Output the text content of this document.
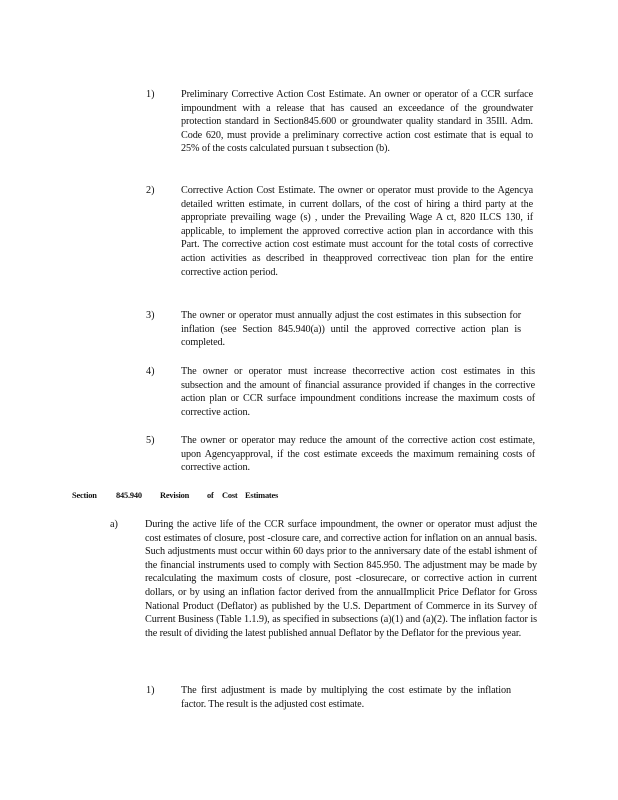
1)	Preliminary Corrective Action Cost Estimate. An owner or operator of a CCR surface impoundment with a release that has caused an exceedance of the groundwater protection standard in Section845.600 or groundwater quality standard in 35Ill. Adm. Code 620, must provide a preliminary corrective action cost estimate that is equal to 25% of the costs calculated pursuan t subsection (b).
2)	Corrective Action Cost Estimate. The owner or operator must provide to the Agencya detailed written estimate, in current dollars, of the cost of hiring a third party at the appropriate prevailing wage (s) , under the Prevailing Wage A ct, 820 ILCS 130, if applicable, to implement the approved corrective action plan in accordance with this Part. The corrective action cost estimate must account for the total costs of corrective action activities as described in theapproved correctiveac tion plan for the entire corrective action period.
3)	The owner or operator must annually adjust the cost estimates in this subsection for inflation (see Section 845.940(a)) until the approved corrective action plan is completed.
4)	The owner or operator must increase thecorrective action cost estimates in this subsection and the amount of financial assurance provided if changes in the corrective action plan or CCR surface impoundment conditions increase the maximum costs of corrective action.
5)	The owner or operator may reduce the amount of the corrective action cost estimate, upon Agencyapproval, if the cost estimate exceeds the maximum remaining costs of corrective action.
Section 845.940 Revision of Cost Estimates
a)	During the active life of the CCR surface impoundment, the owner or operator must adjust the cost estimates of closure, post -closure care, and corrective action for inflation on an annual basis. Such adjustments must occur within 60 days prior to the anniversary date of the establ ishment of the financial instruments used to comply with Section 845.950. The adjustment may be made by recalculating the maximum costs of closure, post -closurecare, or corrective action in current dollars, or by using an inflation factor derived from the annualImplicit Price Deflator for Gross National Product (Deflator) as published by the U.S. Department of Commerce in its Survey of Current Business (Table 1.1.9), as specified in subsections (a)(1) and (a)(2). The inflation factor is the result of dividing the latest published annual Deflator by the Deflator for the previous year.
1)	The first adjustment is made by multiplying the cost estimate by the inflation factor. The result is the adjusted cost estimate.
